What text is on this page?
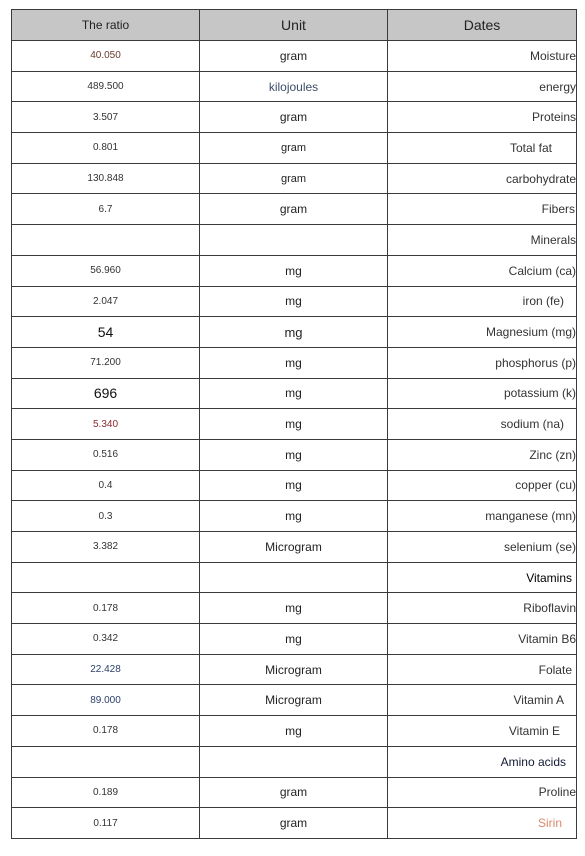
The ratio	Unit	Dates
40.050	gram	Moisture
489.500	kilojoules	energy
3.507	gram	Proteins
0.801	gram	Total fat
130.848	gram	carbohydrate
6.7	gram	Fibers
		Minerals
56.960	mg	Calcium (ca)
2.047	mg	iron (fe)
54	mg	Magnesium (mg)
71.200	mg	phosphorus (p)
696	mg	potassium (k)
5.340	mg	sodium (na)
0.516	mg	Zinc (zn)
0.4	mg	copper (cu)
0.3	mg	manganese (mn)
3.382	Microgram	selenium (se)
		Vitamins
0.178	mg	Riboflavin
0.342	mg	Vitamin B6
22.428	Microgram	Folate
89.000	Microgram	Vitamin A
0.178	mg	Vitamin E
		Amino acids
0.189	gram	Proline
0.117	gram	Sirin
